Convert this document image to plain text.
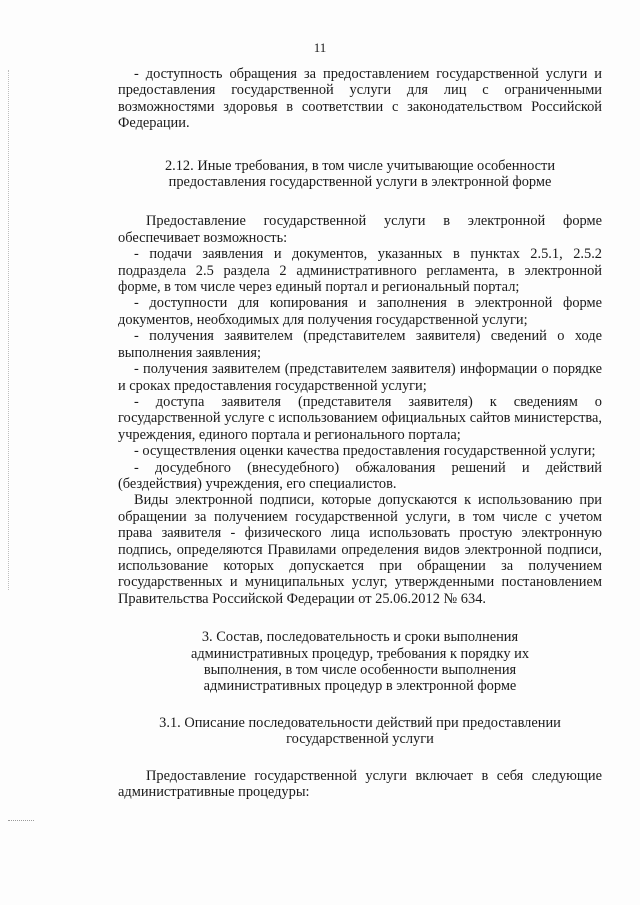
11

- доступность обращения за предоставлением государственной услуги и предоставления государственной услуги для лиц с ограниченными возможностями здоровья в соответствии с законодательством Российской Федерации.

2.12. Иные требования, в том числе учитывающие особенности
предоставления государственной услуги в электронной форме

Предоставление государственной услуги в электронной форме обеспечивает возможность:

- подачи заявления и документов, указанных в пунктах 2.5.1, 2.5.2 подраздела 2.5 раздела 2 административного регламента, в электронной форме, в том числе через единый портал и региональный портал;

- доступности для копирования и заполнения в электронной форме документов, необходимых для получения государственной услуги;

- получения заявителем (представителем заявителя) сведений о ходе выполнения заявления;

- получения заявителем (представителем заявителя) информации о порядке и сроках предоставления государственной услуги;

- доступа заявителя (представителя заявителя) к сведениям о государственной услуге с использованием официальных сайтов министерства, учреждения, единого портала и регионального портала;

- осуществления оценки качества предоставления государственной услуги;

- досудебного (внесудебного) обжалования решений и действий (бездействия) учреждения, его специалистов.

Виды электронной подписи, которые допускаются к использованию при обращении за получением государственной услуги, в том числе с учетом права заявителя - физического лица использовать простую электронную подпись, определяются Правилами определения видов электронной подписи, использование которых допускается при обращении за получением государственных и муниципальных услуг, утвержденными постановлением Правительства Российской Федерации от 25.06.2012 № 634.

3. Состав, последовательность и сроки выполнения
административных процедур, требования к порядку их
выполнения, в том числе особенности выполнения
административных процедур в электронной форме
3.1. Описание последовательности действий при предоставлении
государственной услуги

Предоставление государственной услуги включает в себя следующие административные процедуры:
